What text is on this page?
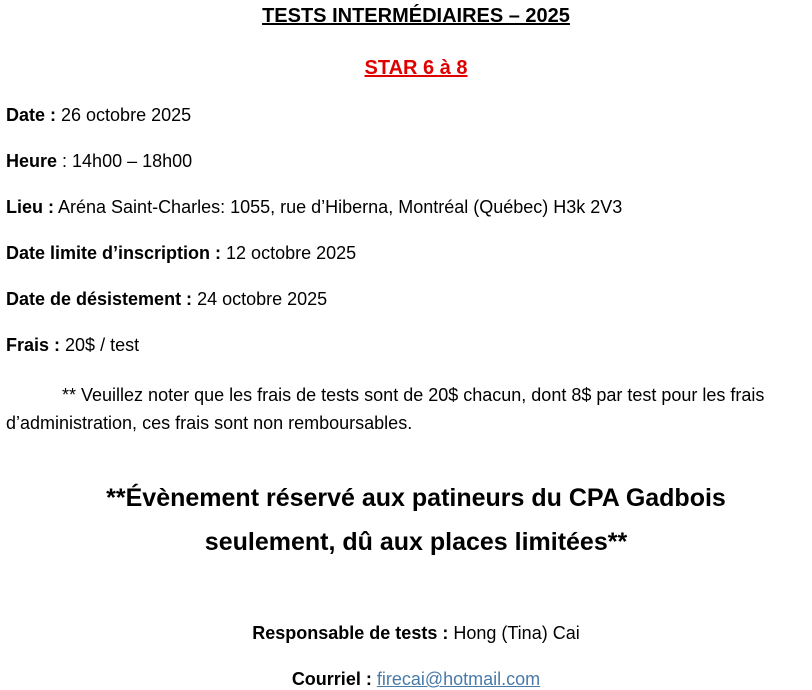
TESTS INTERMÉDIAIRES – 2025
STAR 6 à 8
Date : 26 octobre 2025
Heure : 14h00 – 18h00
Lieu : Aréna Saint-Charles: 1055, rue d’Hiberna, Montréal (Québec) H3k 2V3
Date limite d’inscription : 12 octobre 2025
Date de désistement : 24 octobre 2025
Frais : 20$ / test
** Veuillez noter que les frais de tests sont de 20$ chacun, dont 8$ par test pour les frais d’administration, ces frais sont non remboursables.
**Évènement réservé aux patineurs du CPA Gadbois
seulement, dû aux places limitées**
Responsable de tests : Hong (Tina) Cai
Courriel : firecai@hotmail.com
